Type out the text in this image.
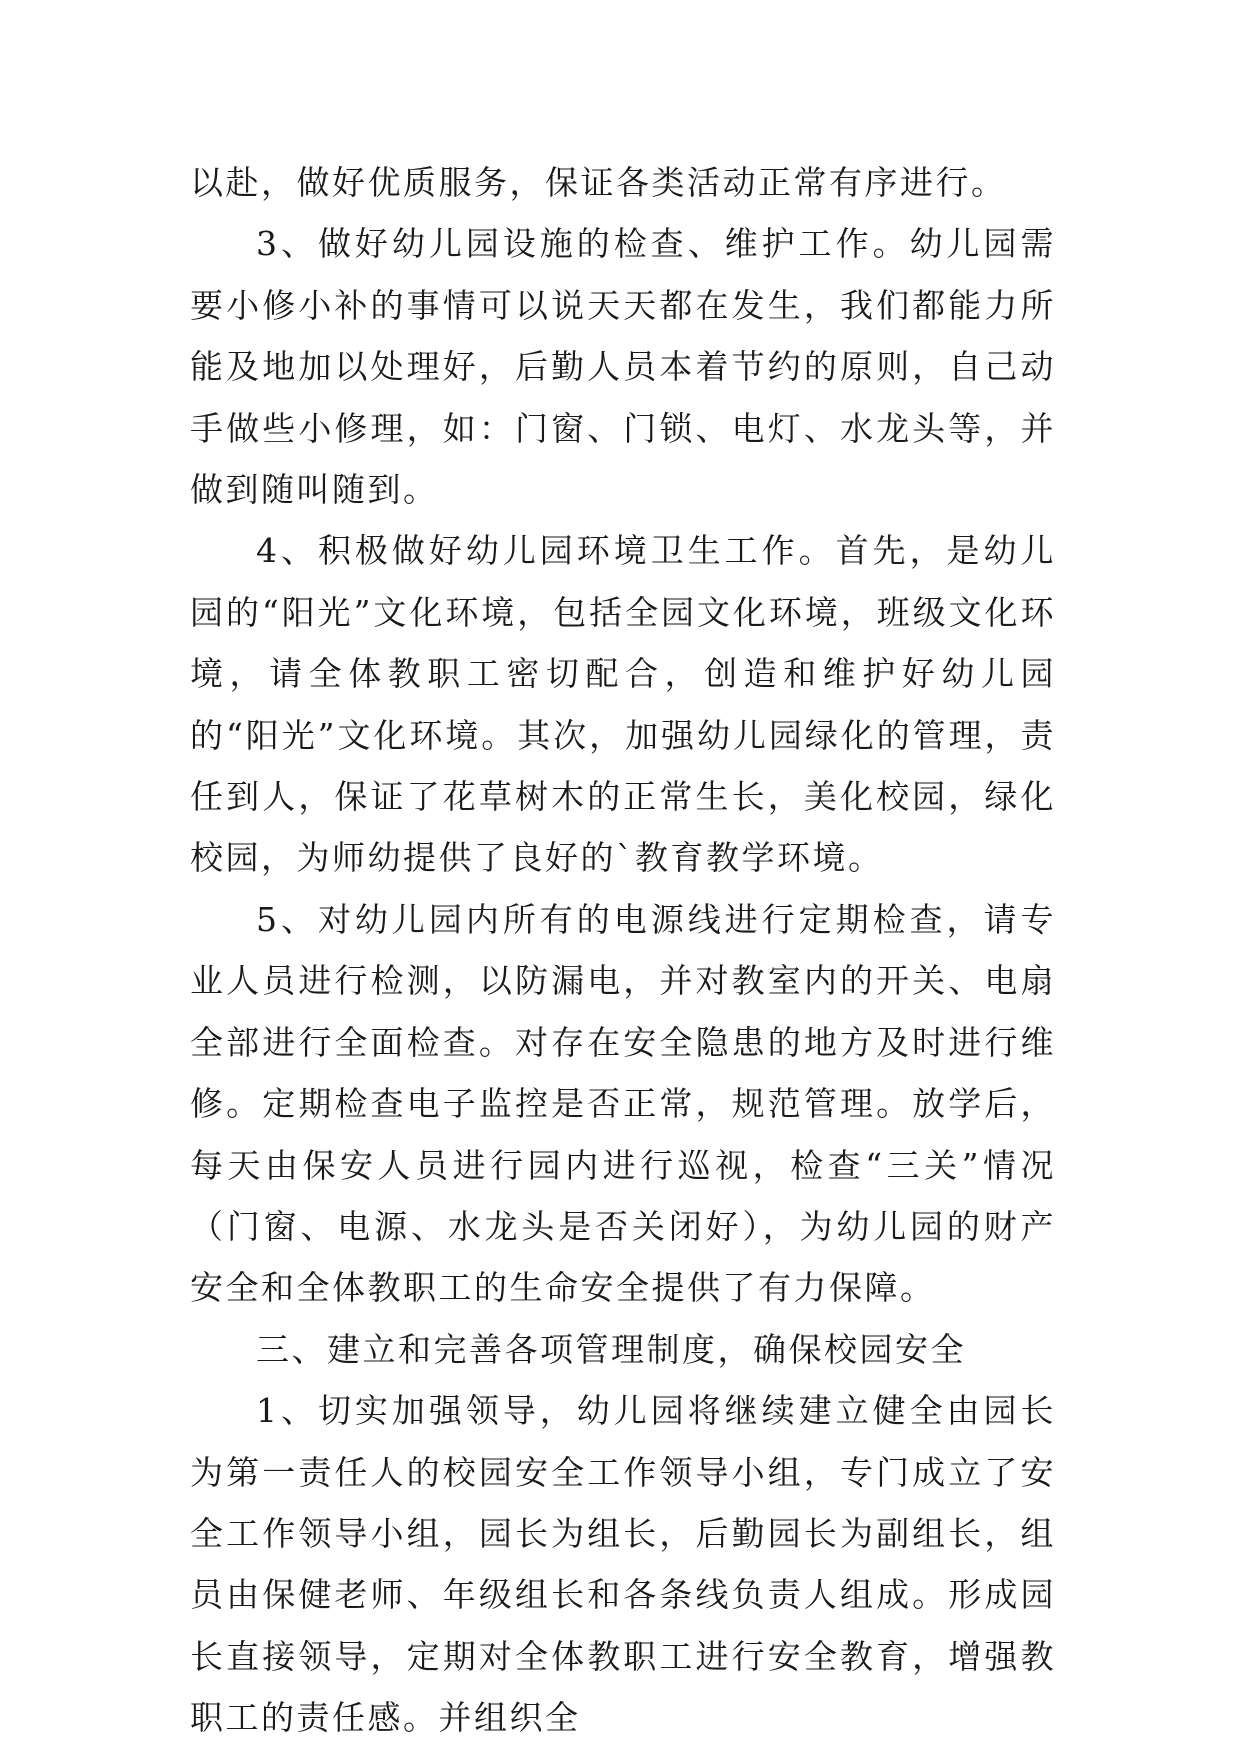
以赴，做好优质服务，保证各类活动正常有序进行。

3、做好幼儿园设施的检查、维护工作。幼儿园需要小修小补的事情可以说天天都在发生，我们都能力所能及地加以处理好，后勤人员本着节约的原则，自己动手做些小修理，如：门窗、门锁、电灯、水龙头等，并做到随叫随到。

4、积极做好幼儿园环境卫生工作。首先，是幼儿园的“阳光”文化环境，包括全园文化环境，班级文化环境，请全体教职工密切配合，创造和维护好幼儿园的“阳光”文化环境。其次，加强幼儿园绿化的管理，责任到人，保证了花草树木的正常生长，美化校园，绿化校园，为师幼提供了良好的`教育教学环境。

5、对幼儿园内所有的电源线进行定期检查，请专业人员进行检测，以防漏电，并对教室内的开关、电扇全部进行全面检查。对存在安全隐患的地方及时进行维修。定期检查电子监控是否正常，规范管理。放学后，每天由保安人员进行园内进行巡视，检查“三关”情况（门窗、电源、水龙头是否关闭好），为幼儿园的财产安全和全体教职工的生命安全提供了有力保障。

三、建立和完善各项管理制度，确保校园安全

1、切实加强领导，幼儿园将继续建立健全由园长为第一责任人的校园安全工作领导小组，专门成立了安全工作领导小组，园长为组长，后勤园长为副组长，组员由保健老师、年级组长和各条线负责人组成。形成园长直接领导，定期对全体教职工进行安全教育，增强教职工的责任感。并组织全
